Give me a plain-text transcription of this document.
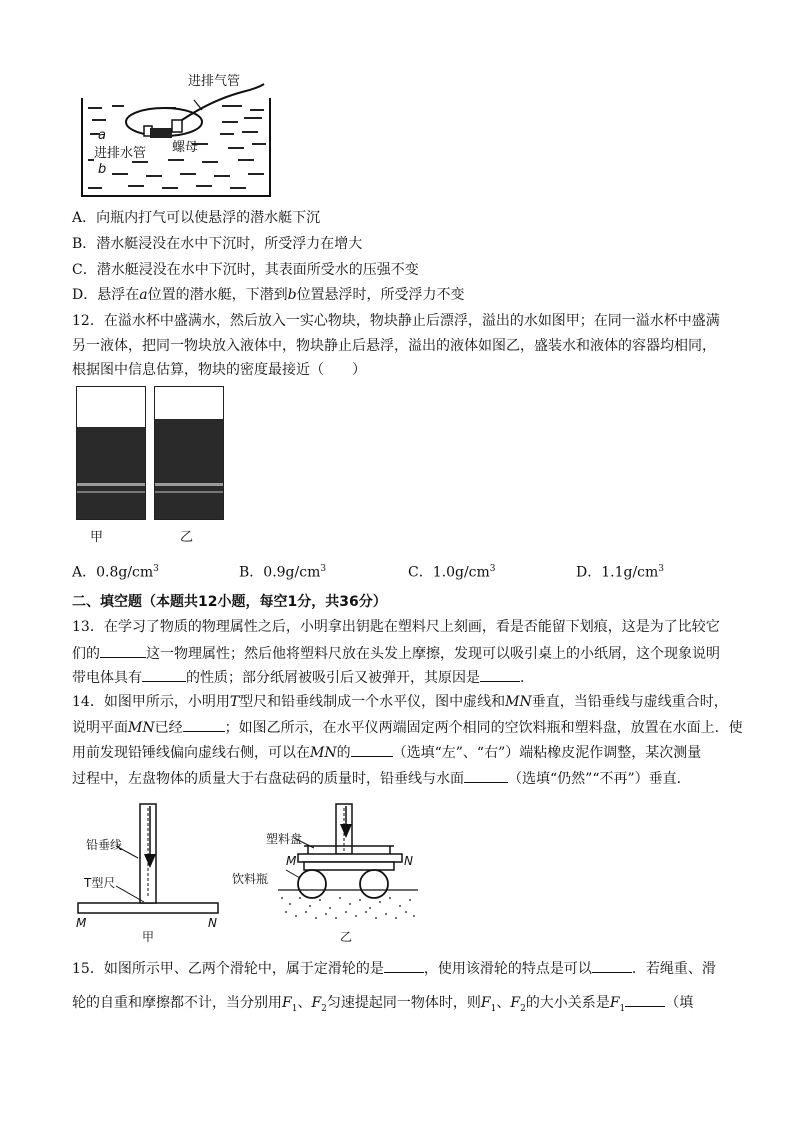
进排气管
进排水管 螺母
a
b
A．向瓶内打气可以使悬浮的潜水艇下沉
B．潜水艇浸没在水中下沉时，所受浮力在增大
C．潜水艇浸没在水中下沉时，其表面所受水的压强不变
D．悬浮在a位置的潜水艇，下潜到b位置悬浮时，所受浮力不变
12．在溢水杯中盛满水，然后放入一实心物块，物块静止后漂浮，溢出的水如图甲；在同一溢水杯中盛满
另一液体，把同一物块放入液体中，物块静止后悬浮，溢出的液体如图乙，盛装水和液体的容器均相同，
根据图中信息估算，物块的密度最接近（　　）
甲	乙
A．$0.8g/cm^3$	B．$0.9g/cm^3$	C．$1.0g/cm^3$	D．$1.1g/cm^3$
二、填空题（本题共12小题，每空1分，共36分）
13．在学习了物质的物理属性之后，小明拿出钥匙在塑料尺上刻画，看是否能留下划痕，这是为了比较它
们的	这一物理属性；然后他将塑料尺放在头发上摩擦，发现可以吸引桌上的小纸屑，这个现象说明
带电体具有	的性质；部分纸屑被吸引后又被弹开，其原因是	．
14．如图甲所示，小明用T型尺和铅垂线制成一个水平仪，图中虚线和MN垂直，当铅垂线与虚线重合时，
说明平面MN已经	；如图乙所示，在水平仪两端固定两个相同的空饮料瓶和塑料盘，放置在水面上．使
用前发现铅锤线偏向虚线右侧，可以在MN的	（选填“左”、“右”）端粘橡皮泥作调整，某次测量
过程中，左盘物体的质量大于右盘砝码的质量时，铅垂线与水面	（选填“仍然”“不再”）垂直．
铅垂线
T型尺
M	N
甲
塑料盘
饮料瓶
M	N
乙
15．如图所示甲、乙两个滑轮中，属于定滑轮的是	，使用该滑轮的特点是可以	．若绳重、滑
轮的自重和摩擦都不计，当分别用$F_1$、$F_2$匀速提起同一物体时，则$F_1$、$F_2$的大小关系是$F_1$	（填
